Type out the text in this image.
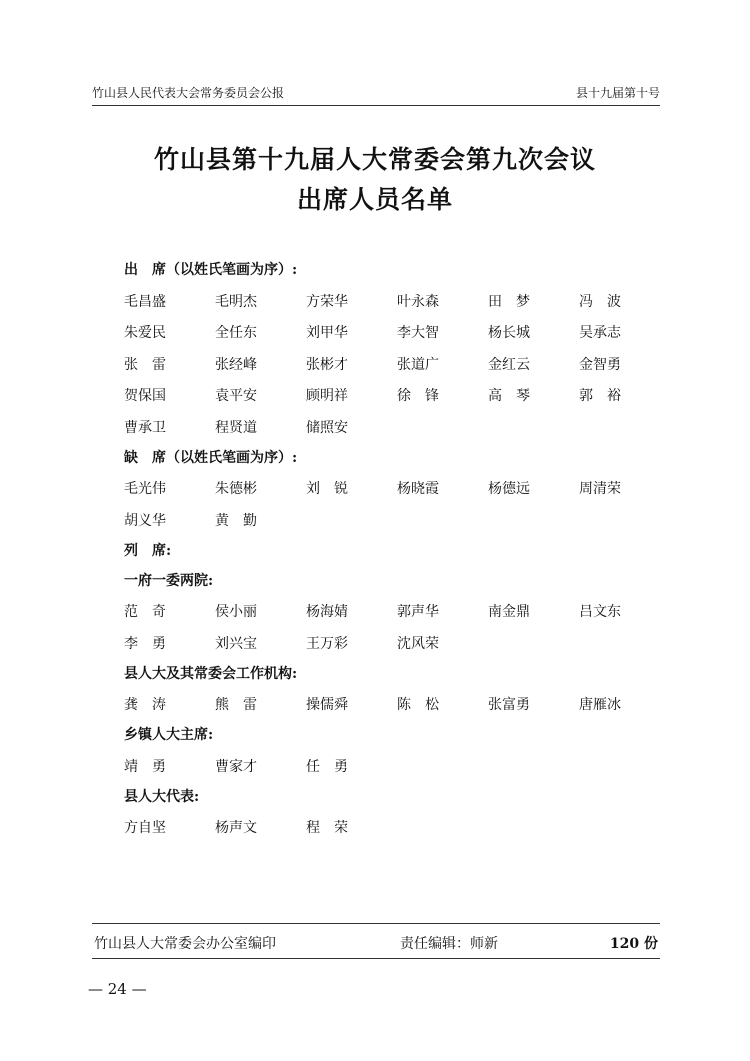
竹山县人民代表大会常务委员会公报	县十九届第十号
竹山县第十九届人大常委会第九次会议
出席人员名单
出　席（以姓氏笔画为序）:
毛昌盛	毛明杰	方荣华	叶永森	田　梦	冯　波
朱爱民	全任东	刘甲华	李大智	杨长城	吴承志
张　雷	张经峰	张彬才	张道广	金红云	金智勇
贺保国	袁平安	顾明祥	徐　锋	高　琴	郭　裕
曹承卫	程贤道	储照安
缺　席（以姓氏笔画为序）:
毛光伟	朱德彬	刘　锐	杨晓霞	杨德远	周清荣
胡义华	黄　勤
列　席:
一府一委两院:
范　奇	侯小丽	杨海婧	郭声华	南金鼎	吕文东
李　勇	刘兴宝	王万彩	沈风荣
县人大及其常委会工作机构:
龚　涛	熊　雷	操儒舜	陈　松	张富勇	唐雁冰
乡镇人大主席:
靖　勇	曹家才	任　勇
县人大代表:
方自坚	杨声文	程　荣
竹山县人大常委会办公室编印	责任编辑：师新	120 份
— 24 —
